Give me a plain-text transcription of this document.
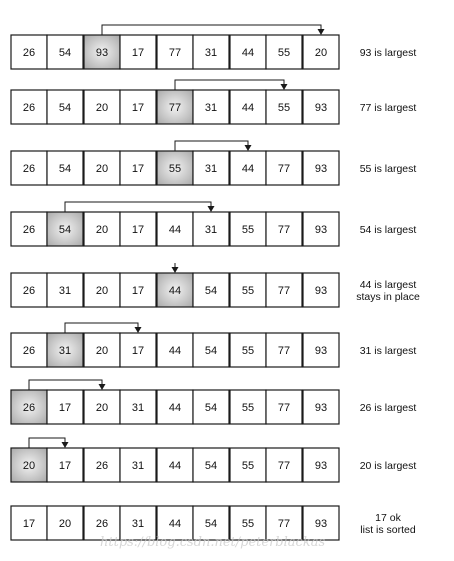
26 54 93 17 77 31 44 55 20	93 is largest
26 54 20 17 77 31 44 55 93	77 is largest
26 54 20 17 55 31 44 77 93	55 is largest
26 54 20 17 44 31 55 77 93	54 is largest
26 31 20 17 44 54 55 77 93	44 is largest
stays in place
26 31 20 17 44 54 55 77 93	31 is largest
26 17 20 31 44 54 55 77 93	26 is largest
20 17 26 31 44 54 55 77 93	20 is largest
17 20 26 31 44 54 55 77 93	17 ok
list is sorted
https://blog.csdn.net/peterblackas
